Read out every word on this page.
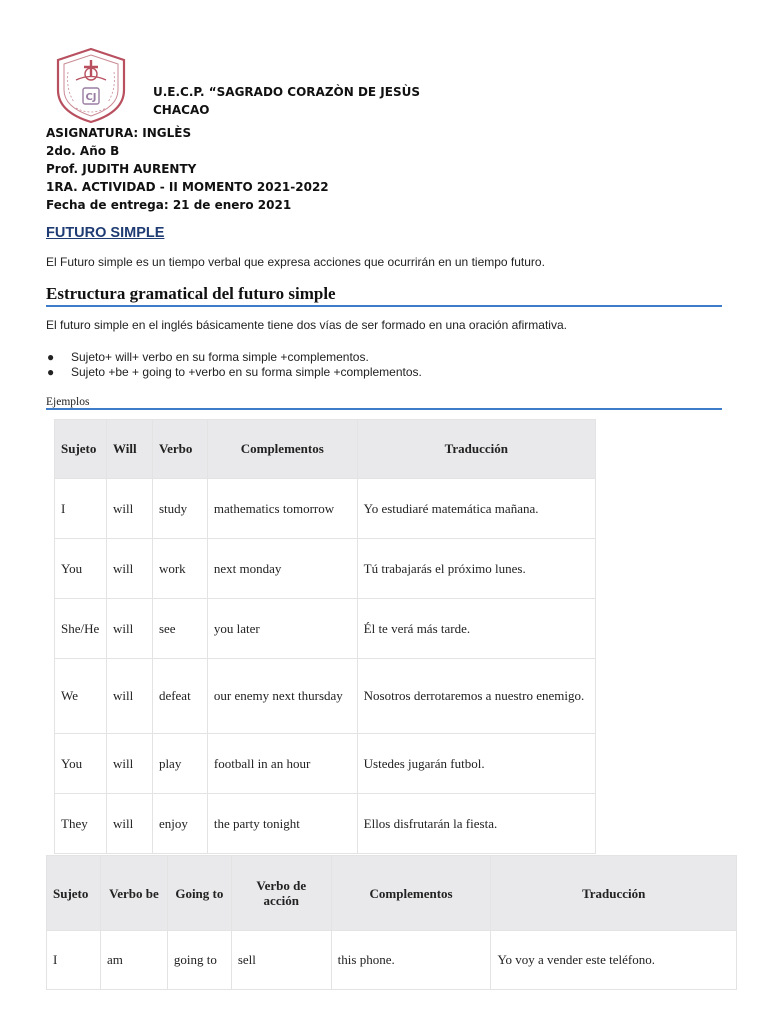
CJ	U.E.C.P. “SAGRADO CORAZÒN DE JESÙS
CHACAO
ASIGNATURA: INGLÈS
2do. Año B
Prof. JUDITH AURENTY
1RA. ACTIVIDAD - II MOMENTO 2021-2022
Fecha de entrega: 21 de enero 2021
FUTURO SIMPLE
El Futuro simple es un tiempo verbal que expresa acciones que ocurrirán en un tiempo futuro.
Estructura gramatical del futuro simple
El futuro simple en el inglés básicamente tiene dos vías de ser formado en una oración afirmativa.
● Sujeto+ will+ verbo en su forma simple +complementos.
● Sujeto +be + going to +verbo en su forma simple +complementos.
Ejemplos
Sujeto	Will	Verbo	Complementos	Traducción
I	will	study	mathematics tomorrow	Yo estudiaré matemática mañana.
You	will	work	next monday	Tú trabajarás el próximo lunes.
She/He	will	see	you later	Él te verá más tarde.
We	will	defeat	our enemy next thursday	Nosotros derrotaremos a nuestro enemigo.
You	will	play	football in an hour	Ustedes jugarán futbol.
They	will	enjoy	the party tonight	Ellos disfrutarán la fiesta.
Sujeto	Verbo be	Going to	Verbo de acción	Complementos	Traducción
I	am	going to	sell	this phone.	Yo voy a vender este teléfono.
